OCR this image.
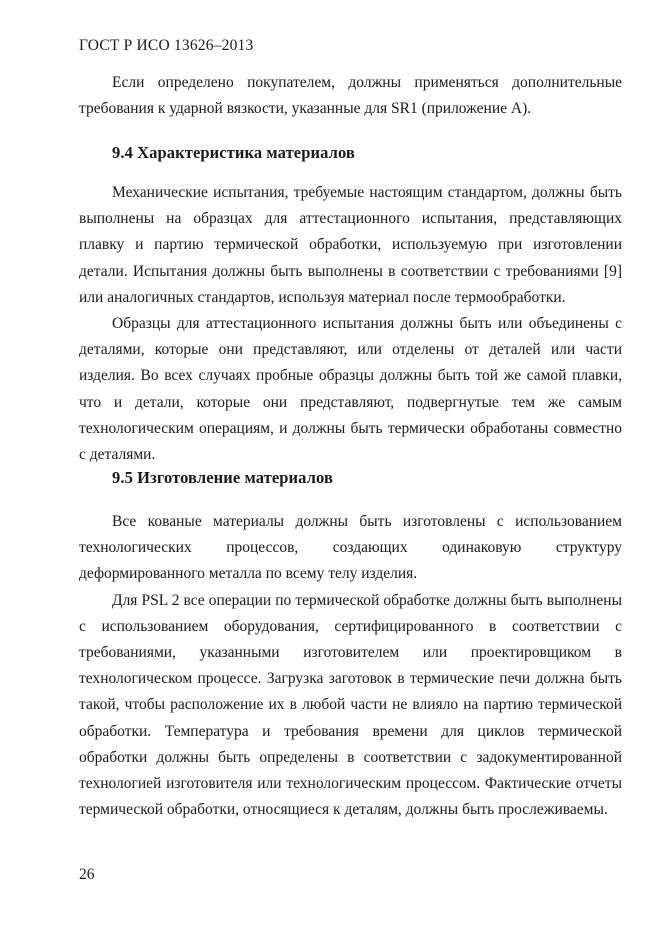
ГОСТ Р ИСО 13626–2013

Если определено покупателем, должны применяться дополнительные требования к ударной вязкости, указанные для SR1 (приложение А).

9.4 Характеристика материалов

Механические испытания, требуемые настоящим стандартом, должны быть выполнены на образцах для аттестационного испытания, представляющих плавку и партию термической обработки, используемую при изготовлении детали. Испытания должны быть выполнены в соответствии с требованиями [9] или аналогичных стандартов, используя материал после термообработки.

Образцы для аттестационного испытания должны быть или объединены с деталями, которые они представляют, или отделены от деталей или части изделия. Во всех случаях пробные образцы должны быть той же самой плавки, что и детали, которые они представляют, подвергнутые тем же самым технологическим операциям, и должны быть термически обработаны совместно с деталями.

9.5 Изготовление материалов

Все кованые материалы должны быть изготовлены с использованием технологических процессов, создающих одинаковую структуру деформированного металла по всему телу изделия.

Для PSL 2 все операции по термической обработке должны быть выполнены с использованием оборудования, сертифицированного в соответствии с требованиями, указанными изготовителем или проектировщиком в технологическом процессе. Загрузка заготовок в термические печи должна быть такой, чтобы расположение их в любой части не влияло на партию термической обработки. Температура и требования времени для циклов термической обработки должны быть определены в соответствии с задокументированной технологией изготовителя или технологическим процессом. Фактические отчеты термической обработки, относящиеся к деталям, должны быть прослеживаемы.

26
